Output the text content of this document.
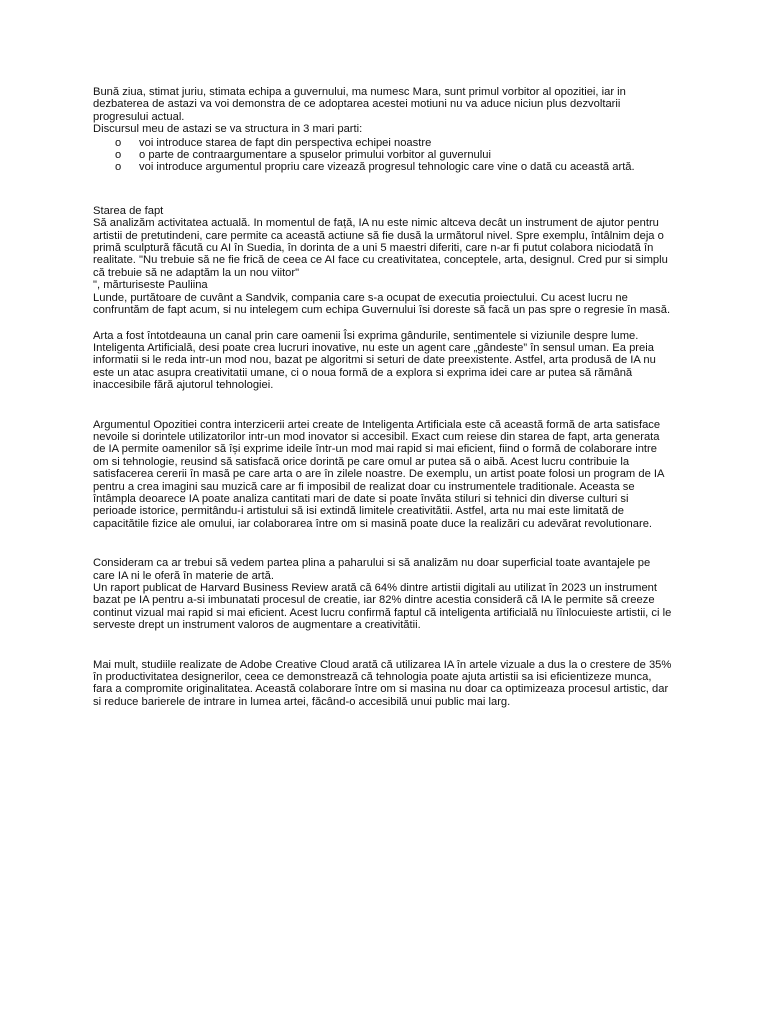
Bună ziua, stimat juriu, stimata echipa a guvernului, ma numesc Mara, sunt primul vorbitor al opozitiei, iar in dezbaterea de astazi va voi demonstra de ce adoptarea acestei motiuni nu va aduce niciun plus dezvoltarii progresului actual.

Discursul meu de astazi se va structura in 3 mari parti:

o voi introduce starea de fapt din perspectiva echipei noastre
o o parte de contraargumentare a spuselor primului vorbitor al guvernului
o voi introduce argumentul propriu care vizează progresul tehnologic care vine o dată cu această artă.

Starea de fapt

Să analizăm activitatea actuală. In momentul de față, IA nu este nimic altceva decât un instrument de ajutor pentru artistii de pretutindeni, care permite ca această actiune să fie dusă la următorul nivel. Spre exemplu, întâlnim deja o primă sculptură făcută cu AI în Suedia, în dorinta de a uni 5 maestri diferiti, care n-ar fi putut colabora niciodată în realitate. "Nu trebuie să ne fie frică de ceea ce AI face cu creativitatea, conceptele, arta, designul. Cred pur si simplu că trebuie să ne adaptăm la un nou viitor"

", mărturiseste Pauliina

Lunde, purtătoare de cuvânt a Sandvik, compania care s-a ocupat de executia proiectului. Cu acest lucru ne confruntăm de fapt acum, si nu intelegem cum echipa Guvernului îsi doreste să facă un pas spre o regresie în masă.

Arta a fost întotdeauna un canal prin care oamenii Îsi exprima gândurile, sentimentele si viziunile despre lume. Inteligenta Artificială, desi poate crea lucruri inovative, nu este un agent care „gândeste” în sensul uman. Ea preia informatii si le reda intr-un mod nou, bazat pe algoritmi si seturi de date preexistente. Astfel, arta produsă de IA nu este un atac asupra creativitatii umane, ci o noua formă de a explora si exprima idei care ar putea să rămână inaccesibile fără ajutorul tehnologiei.

Argumentul Opozitiei contra interzicerii artei create de Inteligenta Artificiala este că această formă de arta satisface nevoile si dorintele utilizatorilor intr-un mod inovator si accesibil. Exact cum reiese din starea de fapt, arta generata de IA permite oamenilor să își exprime ideile într-un mod mai rapid si mai eficient, fiind o formă de colaborare intre om si tehnologie, reusind să satisfacă orice dorintă pe care omul ar putea să o aibă. Acest lucru contribuie la satisfacerea cererii în masă pe care arta o are în zilele noastre. De exemplu, un artist poate folosi un program de IA pentru a crea imagini sau muzică care ar fi imposibil de realizat doar cu instrumentele traditionale. Aceasta se întâmpla deoarece IA poate analiza cantitati mari de date si poate învăta stiluri si tehnici din diverse culturi si perioade istorice, permitându-i artistului să isi extindă limitele creativitătii. Astfel, arta nu mai este limitată de capacitătile fizice ale omului, iar colaborarea între om si masină poate duce la realizări cu adevărat revolutionare.

Consideram ca ar trebui să vedem partea plina a paharului si să analizăm nu doar superficial toate avantajele pe care IA ni le oferă în materie de artă.

Un raport publicat de Harvard Business Review arată că 64% dintre artistii digitali au utilizat în 2023 un instrument bazat pe IA pentru a-si imbunatati procesul de creatie, iar 82% dintre acestia consideră că IA le permite să creeze continut vizual mai rapid si mai eficient. Acest lucru confirmă faptul că inteligenta artificială nu îînlocuieste artistii, ci le serveste drept un instrument valoros de augmentare a creativitătii.

Mai mult, studiile realizate de Adobe Creative Cloud arată că utilizarea IA în artele vizuale a dus la o crestere de 35% în productivitatea designerilor, ceea ce demonstrează că tehnologia poate ajuta artistii sa isi eficientizeze munca, fara a compromite originalitatea. Această colaborare între om si masina nu doar ca optimizeaza procesul artistic, dar si reduce barierele de intrare in lumea artei, făcând-o accesibilă unui public mai larg.
